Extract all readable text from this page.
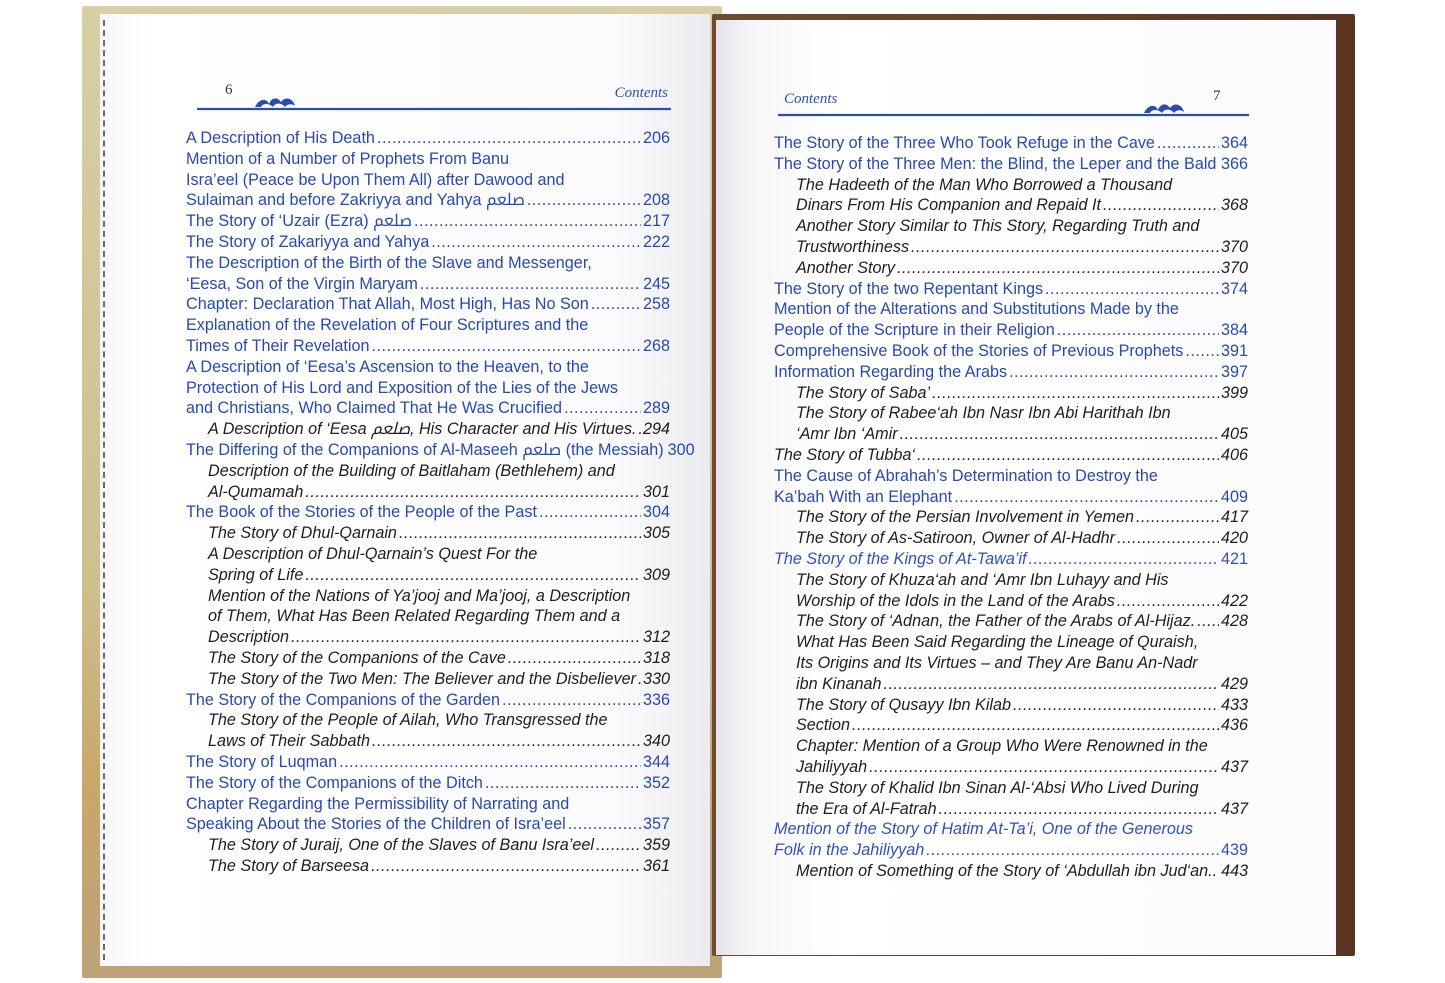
6	Contents	Contents	7
A Description of His Death .....	206
Mention of a Number of Prophets From Banu
Isra’eel (Peace be Upon Them All) after Dawood and
Sulaiman and before Zakriyya and Yahya ﷵ .....	208
The Story of ‘Uzair (Ezra) ﷵ .....	217
The Story of Zakariyya and Yahya .....	222
The Description of the Birth of the Slave and Messenger,
‘Eesa, Son of the Virgin Maryam .....	245
Chapter: Declaration That Allah, Most High, Has No Son .....	258
Explanation of the Revelation of Four Scriptures and the
Times of Their Revelation .....	268
A Description of ‘Eesa’s Ascension to the Heaven, to the
Protection of His Lord and Exposition of the Lies of the Jews
and Christians, Who Claimed That He Was Crucified .....	289
A Description of ‘Eesa ﷵ, His Character and His Virtues. ..... 294
The Differing of the Companions of Al-Maseeh ﷵ (the Messiah) 300
Description of the Building of Baitlaham (Bethlehem) and
Al-Qumamah .....	301
The Book of the Stories of the People of the Past .....	304
The Story of Dhul-Qarnain .....	305
A Description of Dhul-Qarnain’s Quest For the
Spring of Life .....	309
Mention of the Nations of Ya’jooj and Ma’jooj, a Description
of Them, What Has Been Related Regarding Them and a
Description .....	312
The Story of the Companions of the Cave .....	318
The Story of the Two Men: The Believer and the Disbeliever ..... 330
The Story of the Companions of the Garden .....	336
The Story of the People of Ailah, Who Transgressed the
Laws of Their Sabbath .....	340
The Story of Luqman .....	344
The Story of the Companions of the Ditch .....	352
Chapter Regarding the Permissibility of Narrating and
Speaking About the Stories of the Children of Isra’eel .....	357
The Story of Juraij, One of the Slaves of Banu Isra’eel .....	359
The Story of Barseesa .....	361
The Story of the Three Who Took Refuge in the Cave .....	364
The Story of the Three Men: the Blind, the Leper and the Bald ..... 366
The Hadeeth of the Man Who Borrowed a Thousand
Dinars From His Companion and Repaid It .....	368
Another Story Similar to This Story, Regarding Truth and
Trustworthiness .....	370
Another Story .....	370
The Story of the two Repentant Kings .....	374
Mention of the Alterations and Substitutions Made by the
People of the Scripture in their Religion .....	384
Comprehensive Book of the Stories of Previous Prophets ..... 391
Information Regarding the Arabs .....	397
The Story of Saba’ .....	399
The Story of Rabee‘ah Ibn Nasr Ibn Abi Harithah Ibn
‘Amr Ibn ‘Amir .....	405
The Story of Tubba‘ .....	406
The Cause of Abrahah’s Determination to Destroy the
Ka’bah With an Elephant .....	409
The Story of the Persian Involvement in Yemen .....	417
The Story of As-Satiroon, Owner of Al-Hadhr .....	420
The Story of the Kings of At-Tawa’if .....	421
The Story of Khuza‘ah and ‘Amr Ibn Luhayy and His
Worship of the Idols in the Land of the Arabs .....	422
The Story of ‘Adnan, the Father of the Arabs of Al-Hijaz. ..... 428
What Has Been Said Regarding the Lineage of Quraish,
Its Origins and Its Virtues – and They Are Banu An-Nadr
ibn Kinanah .....	429
The Story of Qusayy Ibn Kilab .....	433
Section .....	436
Chapter: Mention of a Group Who Were Renowned in the
Jahiliyyah .....	437
The Story of Khalid Ibn Sinan Al-‘Absi Who Lived During
the Era of Al-Fatrah .....	437
Mention of the Story of Hatim At-Ta’i, One of the Generous
Folk in the Jahiliyyah .....	439
Mention of Something of the Story of ‘Abdullah ibn Jud‘an.. 443
